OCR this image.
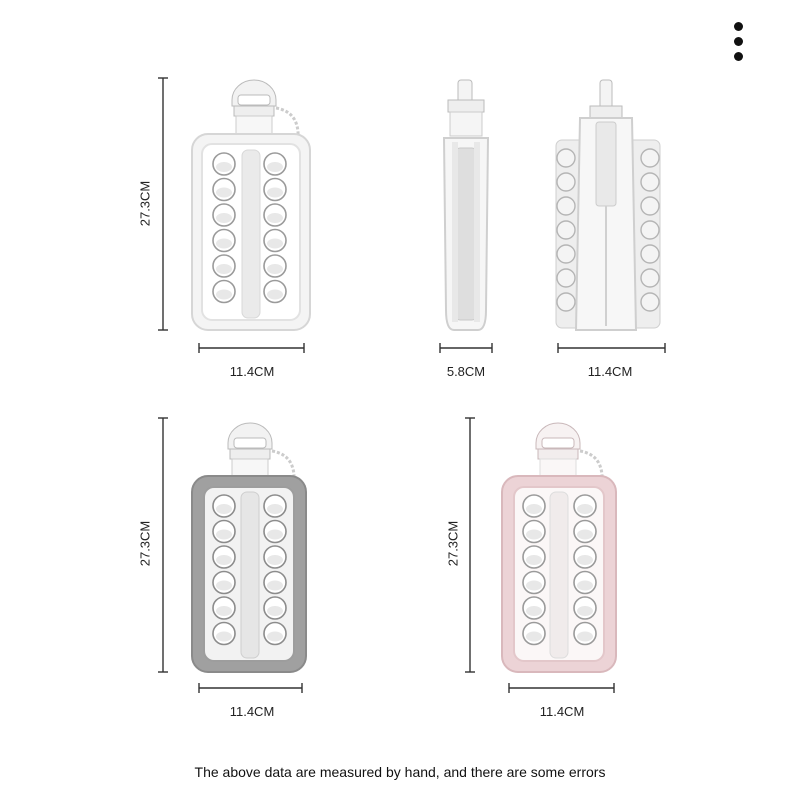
27.3CM
11.4CM	5.8CM	11.4CM
27.3CM
11.4CM
27.3CM
11.4CM
The above data are measured by hand, and there are some errors
